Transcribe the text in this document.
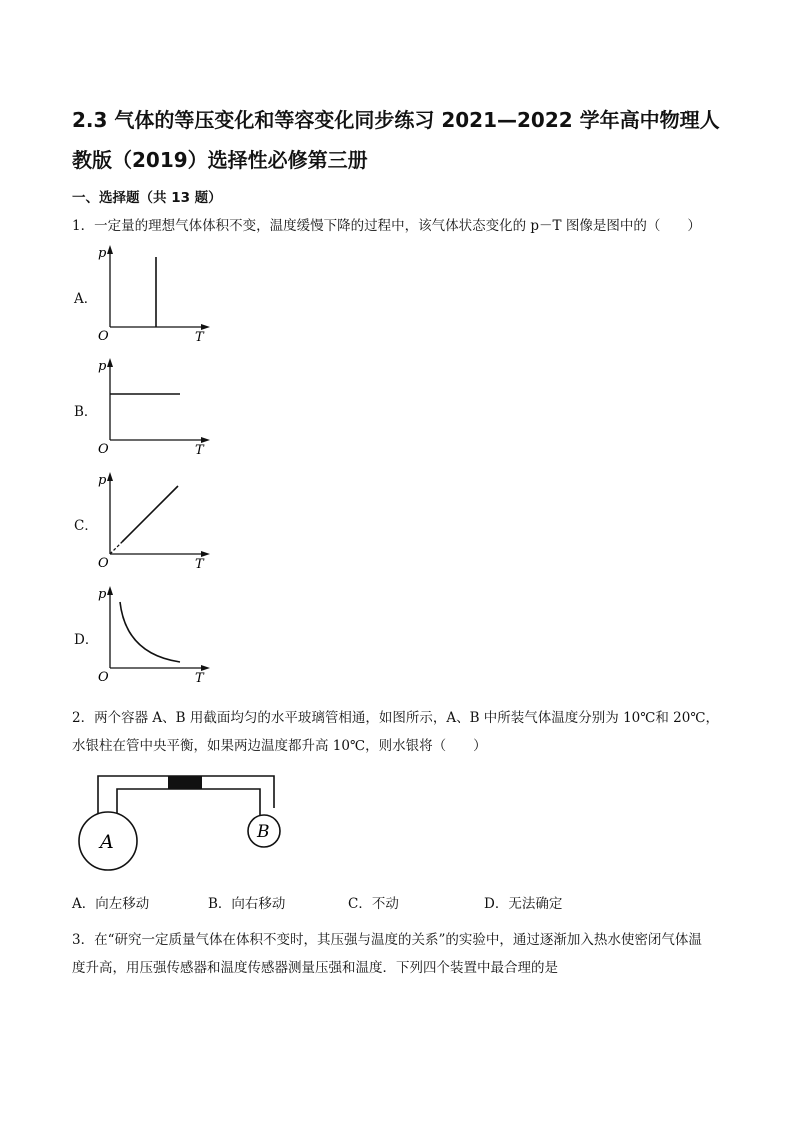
2.3 气体的等压变化和等容变化同步练习 2021—2022 学年高中物理人
教版（2019）选择性必修第三册
一、选择题（共 13 题）
1．一定量的理想气体体积不变，温度缓慢下降的过程中，该气体状态变化的 p－T 图像是图中的（　　）
A．
p
T
O
B．
p
T
O
C．
p
T
O
D．
p
T
O
2．两个容器 A、B 用截面均匀的水平玻璃管相通，如图所示，A、B 中所装气体温度分别为 10℃和 20℃，
水银柱在管中央平衡，如果两边温度都升高 10℃，则水银将（　　）
A	B
A．向左移动	B．向右移动	C．不动	D．无法确定
3．在“研究一定质量气体在体积不变时，其压强与温度的关系”的实验中，通过逐渐加入热水使密闭气体温
度升高，用压强传感器和温度传感器测量压强和温度．下列四个装置中最合理的是
